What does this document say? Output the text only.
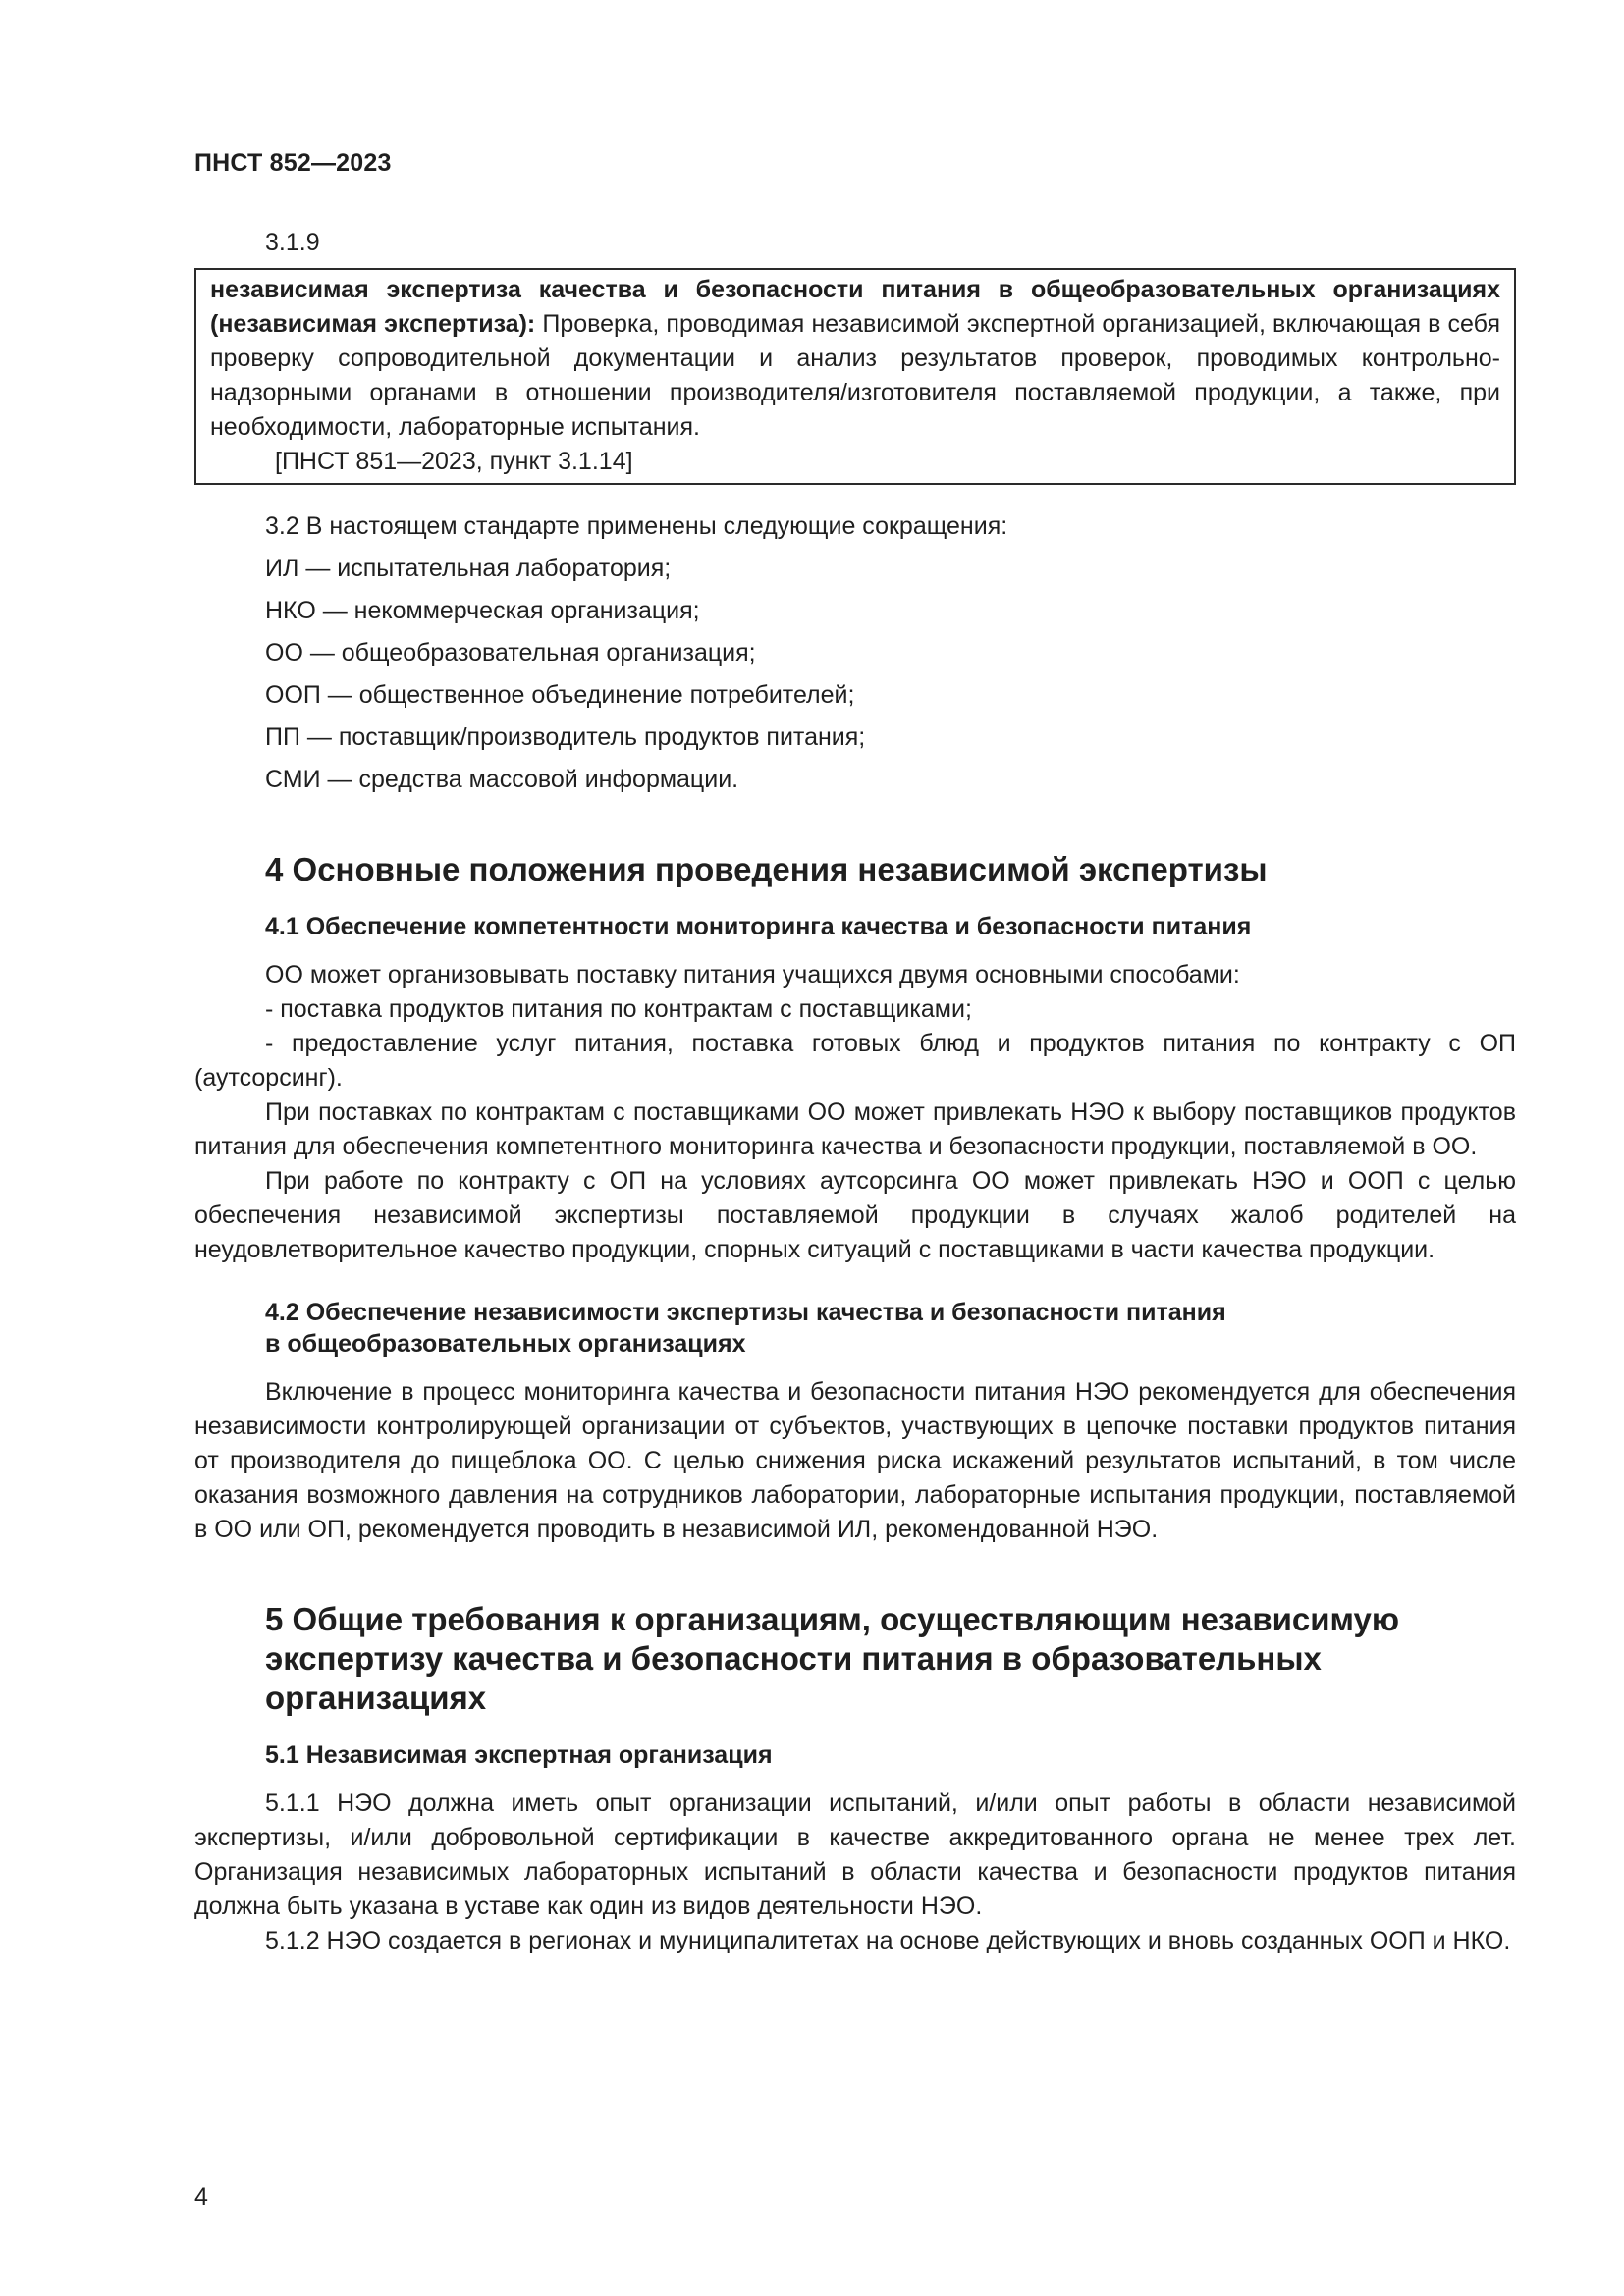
ПНСТ 852—2023

3.1.9

независимая экспертиза качества и безопасности питания в общеобразовательных организациях (независимая экспертиза): Проверка, проводимая независимой экспертной организацией, включающая в себя проверку сопроводительной документации и анализ результатов проверок, проводимых контрольно-надзорными органами в отношении производителя/изготовителя поставляемой продукции, а также, при необходимости, лабораторные испытания.

[ПНСТ 851—2023, пункт 3.1.14]

3.2 В настоящем стандарте применены следующие сокращения:

ИЛ — испытательная лаборатория;

НКО — некоммерческая организация;

ОО — общеобразовательная организация;

ООП — общественное объединение потребителей;

ПП — поставщик/производитель продуктов питания;

СМИ — средства массовой информации.

4 Основные положения проведения независимой экспертизы
4.1 Обеспечение компетентности мониторинга качества и безопасности питания

ОО может организовывать поставку питания учащихся двумя основными способами:

- поставка продуктов питания по контрактам с поставщиками;

- предоставление услуг питания, поставка готовых блюд и продуктов питания по контракту с ОП (аутсорсинг).

При поставках по контрактам с поставщиками ОО может привлекать НЭО к выбору поставщиков продуктов питания для обеспечения компетентного мониторинга качества и безопасности продукции, поставляемой в ОО.

При работе по контракту с ОП на условиях аутсорсинга ОО может привлекать НЭО и ООП с целью обеспечения независимой экспертизы поставляемой продукции в случаях жалоб родителей на неудовлетворительное качество продукции, спорных ситуаций с поставщиками в части качества продукции.

4.2 Обеспечение независимости экспертизы качества и безопасности питания
в общеобразовательных организациях

Включение в процесс мониторинга качества и безопасности питания НЭО рекомендуется для обеспечения независимости контролирующей организации от субъектов, участвующих в цепочке поставки продуктов питания от производителя до пищеблока ОО. С целью снижения риска искажений результатов испытаний, в том числе оказания возможного давления на сотрудников лаборатории, лабораторные испытания продукции, поставляемой в ОО или ОП, рекомендуется проводить в независимой ИЛ, рекомендованной НЭО.

5 Общие требования к организациям, осуществляющим независимую
экспертизу качества и безопасности питания в образовательных
организациях
5.1 Независимая экспертная организация

5.1.1 НЭО должна иметь опыт организации испытаний, и/или опыт работы в области независимой экспертизы, и/или добровольной сертификации в качестве аккредитованного органа не менее трех лет. Организация независимых лабораторных испытаний в области качества и безопасности продуктов питания должна быть указана в уставе как один из видов деятельности НЭО.

5.1.2 НЭО создается в регионах и муниципалитетах на основе действующих и вновь созданных ООП и НКО.

4
